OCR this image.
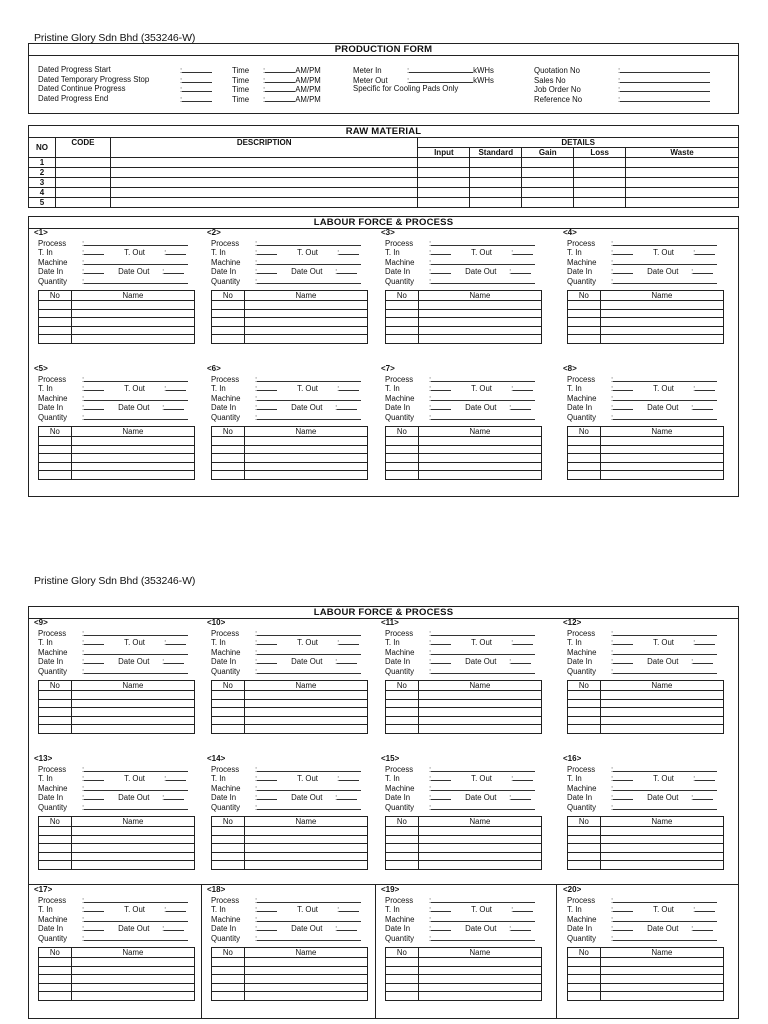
Pristine Glory Sdn Bhd (353246-W)
PRODUCTION FORM
Dated Progress Start	:	Time :	AM/PM
Dated Temporary Progress Stop	:	Time :	AM/PM
Dated Continue Progress	:	Time :	AM/PM
Dated Progress End	:	Time :	AM/PM
Meter In	:	kWHs
Meter Out :	kWHs
Specific for Cooling Pads Only
Quotation No	:
Sales No	:
Job Order No	:
Reference No	:
RAW MATERIAL
NO	CODE	DESCRIPTION	DETAILS				
			Input	Standard	Gain	Loss	Waste
1							
2							
3							
4							
5							
LABOUR FORCE & PROCESS
<1>
Process :
T. In	:	T. Out :
Machine :
Date In :	Date Out :
Quantity :
No	Name

<2>
Process :
T. In	:	T. Out :
Machine :
Date In :	Date Out :
Quantity :
No	Name

<3>
Process :
T. In	:	T. Out :
Machine :
Date In :	Date Out :
Quantity :
No	Name

<4>
Process :
T. In	:	T. Out :
Machine :
Date In :	Date Out :
Quantity :
No	Name

<5>
Process :
T. In	:	T. Out :
Machine :
Date In :	Date Out :
Quantity :
No	Name

<6>
Process :
T. In	:	T. Out :
Machine :
Date In :	Date Out :
Quantity :
No	Name

<7>
Process :
T. In	:	T. Out :
Machine :
Date In :	Date Out :
Quantity :
No	Name

<8>
Process :
T. In	:	T. Out :
Machine :
Date In :	Date Out :
Quantity :
No	Name

Pristine Glory Sdn Bhd (353246-W)
LABOUR FORCE & PROCESS
<9>
Process :
T. In	:	T. Out :
Machine :
Date In :	Date Out :
Quantity :
No	Name

<10>
Process :
T. In	:	T. Out :
Machine :
Date In :	Date Out :
Quantity :
No	Name

<11>
Process :
T. In	:	T. Out :
Machine :
Date In :	Date Out :
Quantity :
No	Name

<12>
Process :
T. In	:	T. Out :
Machine :
Date In :	Date Out :
Quantity :
No	Name

<13>
Process :
T. In	:	T. Out :
Machine :
Date In :	Date Out :
Quantity :
No	Name

<14>
Process :
T. In	:	T. Out :
Machine :
Date In :	Date Out :
Quantity :
No	Name

<15>
Process :
T. In	:	T. Out :
Machine :
Date In :	Date Out :
Quantity :
No	Name

<16>
Process :
T. In	:	T. Out :
Machine :
Date In :	Date Out :
Quantity :
No	Name

<17>
Process :
T. In	:	T. Out :
Machine :
Date In :	Date Out :
Quantity :
No	Name

<18>
Process :
T. In	:	T. Out :
Machine :
Date In :	Date Out :
Quantity :
No	Name

<19>
Process :
T. In	:	T. Out :
Machine :
Date In :	Date Out :
Quantity :
No	Name

<20>
Process :
T. In	:	T. Out :
Machine :
Date In :	Date Out :
Quantity :
No	Name
